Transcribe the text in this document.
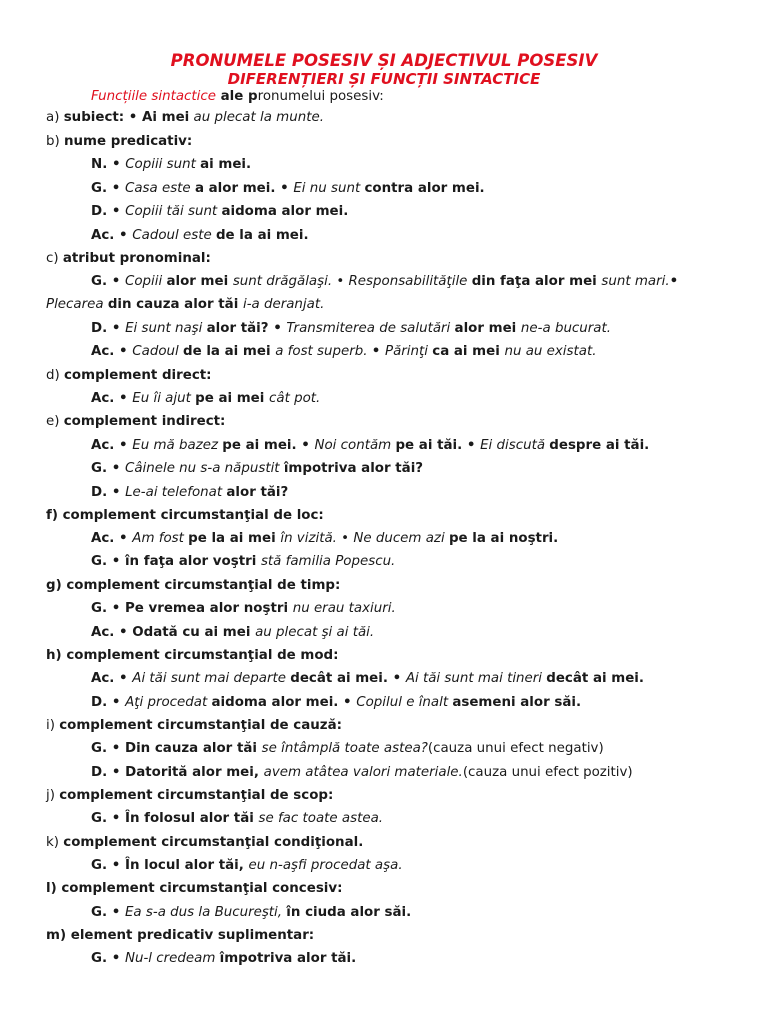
PRONUMELE POSESIV ȘI ADJECTIVUL POSESIV
DIFERENȚIERI ȘI FUNCȚII SINTACTICE
Funcțiile sintactice ale pronumelui posesiv:
a) subiect: • Ai mei au plecat la munte.
b) nume predicativ:
N. • Copiii sunt ai mei.
G. • Casa este a alor mei. • Ei nu sunt contra alor mei.
D. • Copiii tăi sunt aidoma alor mei.
Ac. • Cadoul este de la ai mei.
c) atribut pronominal:
G. • Copiii alor mei sunt drăgălaşi. • Responsabilităţile din faţa alor mei sunt mari.•
Plecarea din cauza alor tăi i-a deranjat.
D. • Ei sunt naşi alor tăi? • Transmiterea de salutări alor mei ne-a bucurat.
Ac. • Cadoul de la ai mei a fost superb. • Părinţi ca ai mei nu au existat.
d) complement direct:
Ac. • Eu îi ajut pe ai mei cât pot.
e) complement indirect:
Ac. • Eu mă bazez pe ai mei. • Noi contăm pe ai tăi. • Ei discută despre ai tăi.
G. • Câinele nu s-a năpustit împotriva alor tăi?
D. • Le-ai telefonat alor tăi?
f) complement circumstanţial de loc:
Ac. • Am fost pe la ai mei în vizită. • Ne ducem azi pe la ai noştri.
G. • în faţa alor voştri stă familia Popescu.
g) complement circumstanţial de timp:
G. • Pe vremea alor noştri nu erau taxiuri.
Ac. • Odată cu ai mei au plecat şi ai tăi.
h) complement circumstanţial de mod:
Ac. • Ai tăi sunt mai departe decât ai mei. • Ai tăi sunt mai tineri decât ai mei.
D. • Aţi procedat aidoma alor mei. • Copilul e înalt asemeni alor săi.
i) complement circumstanţial de cauză:
G. • Din cauza alor tăi se întâmplă toate astea?(cauza unui efect negativ)
D. • Datorită alor mei, avem atâtea valori materiale.(cauza unui efect pozitiv)
j) complement circumstanţial de scop:
G. • În folosul alor tăi se fac toate astea.
k) complement circumstanţial condiţional.
G. • În locul alor tăi, eu n-aşfi procedat aşa.
l) complement circumstanţial concesiv:
G. • Ea s-a dus la Bucureşti, în ciuda alor săi.
m) element predicativ suplimentar:
G. • Nu-l credeam împotriva alor tăi.
